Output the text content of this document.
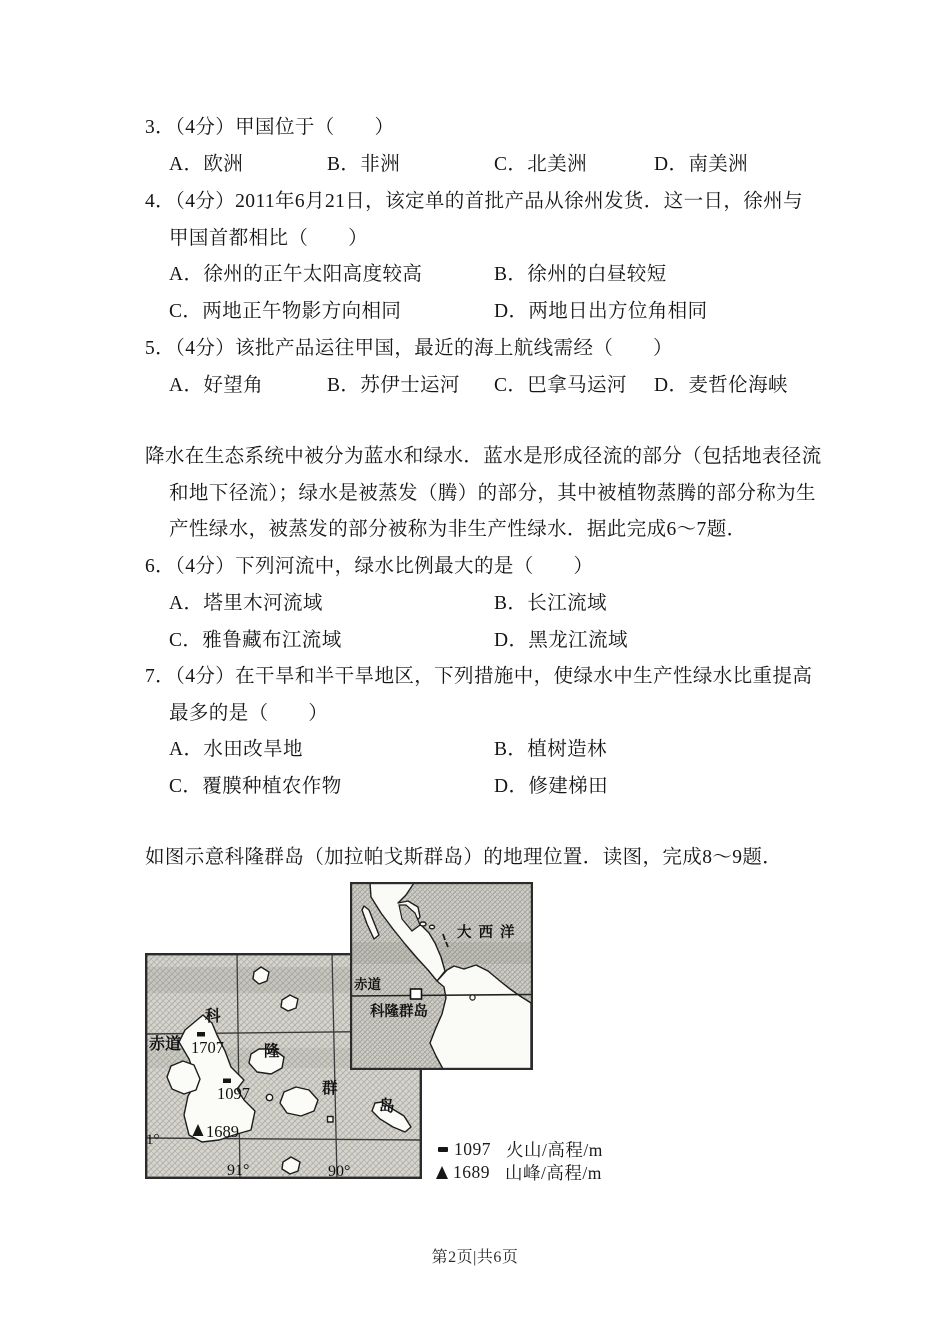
3．（4分）甲国位于（　　）
A．欧洲	B．非洲	C．北美洲	D．南美洲
4．（4分）2011年6月21日，该定单的首批产品从徐州发货．这一日，徐州与
甲国首都相比（　　）
A．徐州的正午太阳高度较高	B．徐州的白昼较短
C．两地正午物影方向相同	D．两地日出方位角相同
5．（4分）该批产品运往甲国，最近的海上航线需经（　　）
A．好望角	B．苏伊士运河 C．巴拿马运河 D．麦哲伦海峡
降水在生态系统中被分为蓝水和绿水．蓝水是形成径流的部分（包括地表径流
和地下径流）；绿水是被蒸发（腾）的部分，其中被植物蒸腾的部分称为生
产性绿水，被蒸发的部分被称为非生产性绿水．据此完成6～7题．
6．（4分）下列河流中，绿水比例最大的是（　　）
A．塔里木河流域	B．长江流域
C．雅鲁藏布江流域	D．黑龙江流域
7．（4分）在干旱和半干旱地区，下列措施中，使绿水中生产性绿水比重提高
最多的是（　　）
A．水田改旱地	B．植树造林
C．覆膜种植农作物	D．修建梯田
如图示意科隆群岛（加拉帕戈斯群岛）的地理位置．读图，完成8～9题．
赤道
1°
91°	90°
科
隆
群
岛
1707
1097
1689
大西洋
赤道
科隆群岛
1097 火山/高程/m
1689 山峰/高程/m
第2页|共6页
